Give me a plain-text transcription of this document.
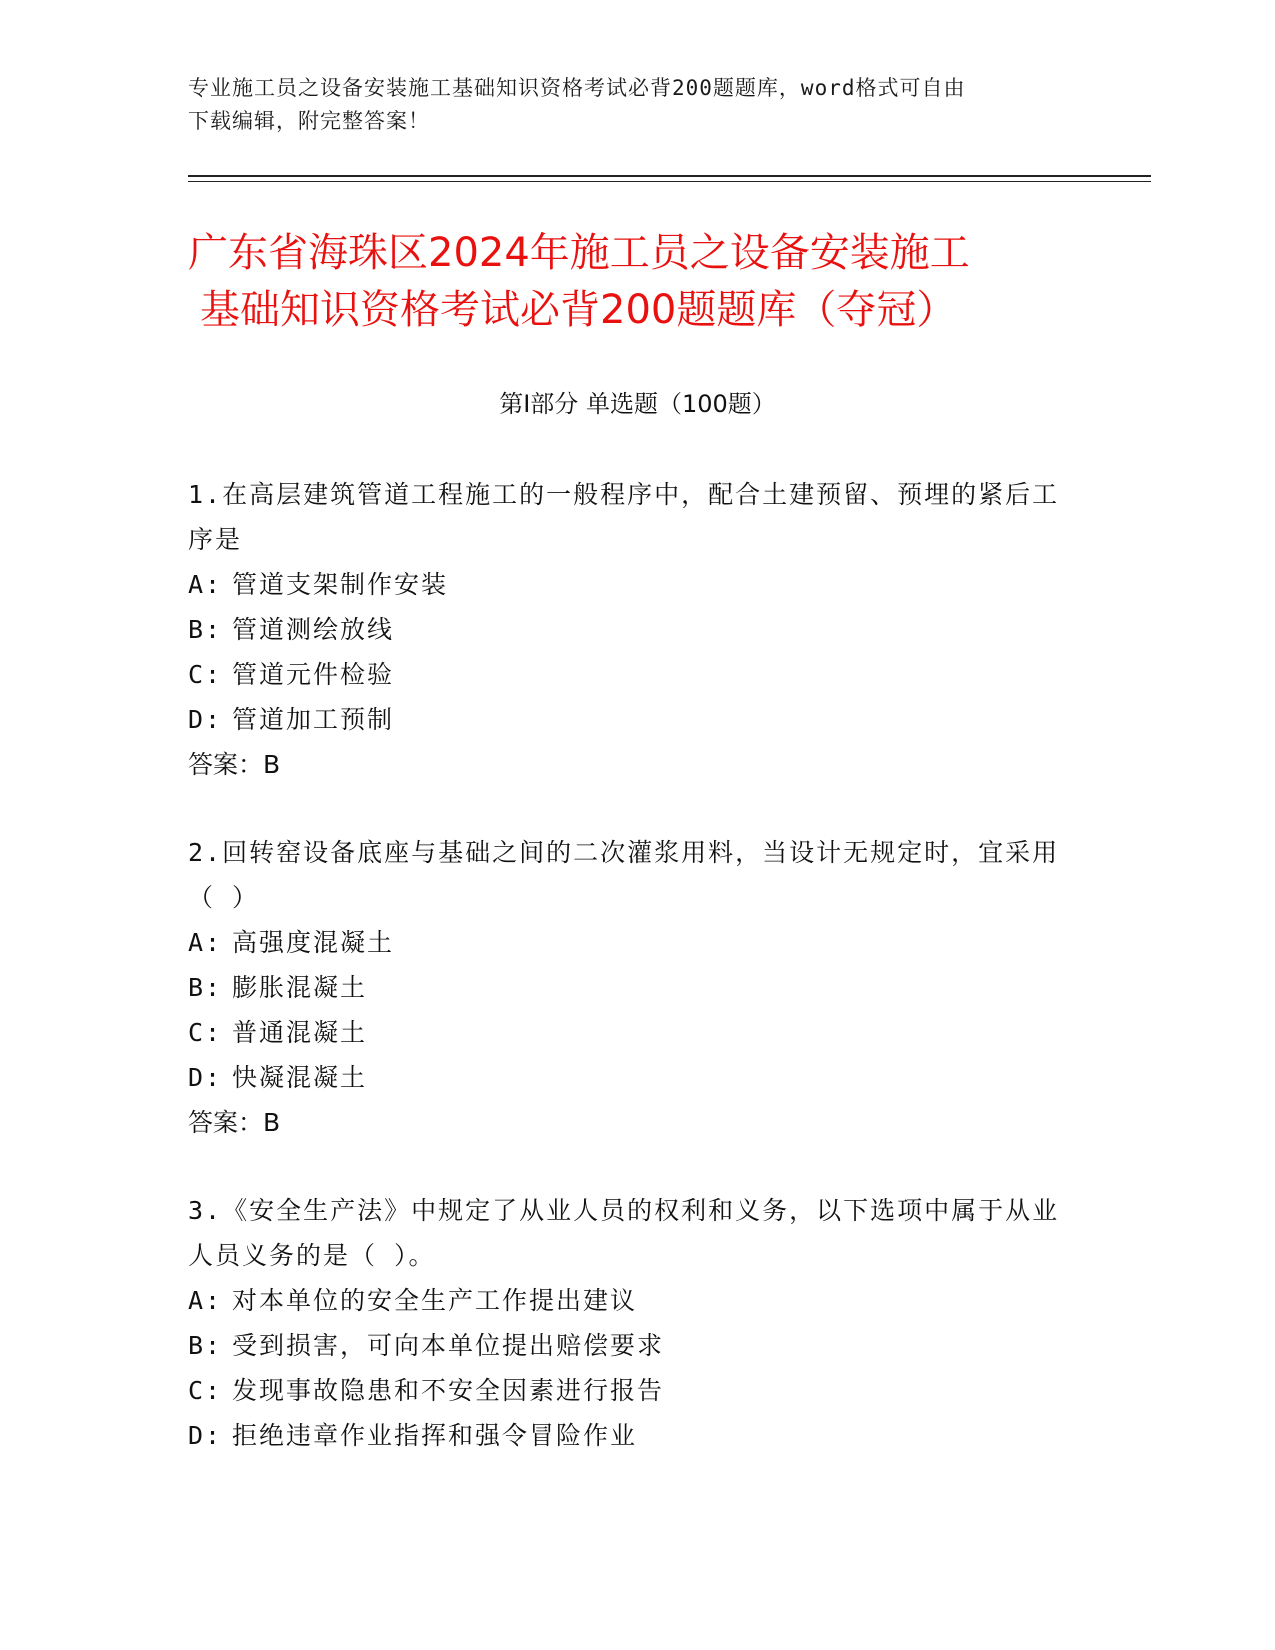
专业施工员之设备安装施工基础知识资格考试必背200题题库，word格式可自由
下载编辑，附完整答案！
广东省海珠区2024年施工员之设备安装施工
基础知识资格考试必背200题题库（夺冠）
第Ⅰ部分 单选题（100题）
1.在高层建筑管道工程施工的一般程序中，配合土建预留、预埋的紧后工序是
A: 管道支架制作安装
B: 管道测绘放线
C: 管道元件检验
D: 管道加工预制
答案：B
2.回转窑设备底座与基础之间的二次灌浆用料，当设计无规定时，宜采用（ ）
A: 高强度混凝土
B: 膨胀混凝土
C: 普通混凝土
D: 快凝混凝土
答案：B
3.《安全生产法》中规定了从业人员的权利和义务，以下选项中属于从业人员义务的是（ ）。
A: 对本单位的安全生产工作提出建议
B: 受到损害，可向本单位提出赔偿要求
C: 发现事故隐患和不安全因素进行报告
D: 拒绝违章作业指挥和强令冒险作业
